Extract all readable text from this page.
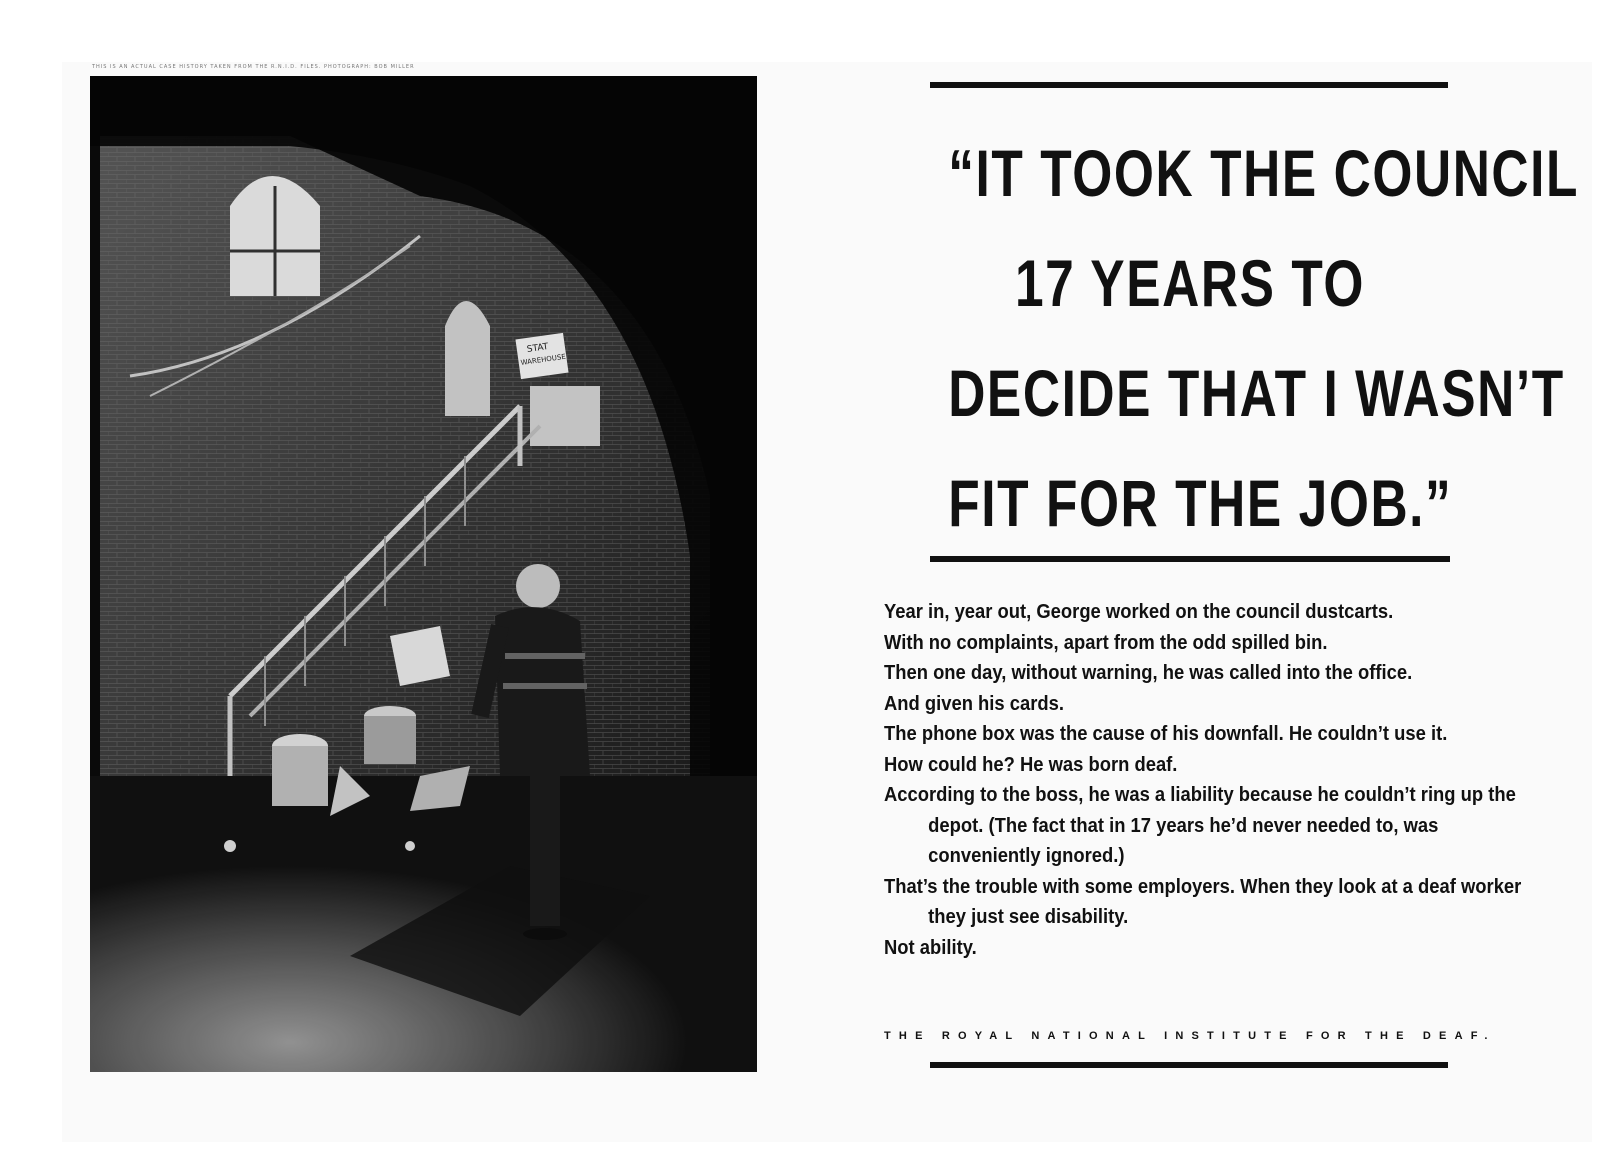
THIS IS AN ACTUAL CASE HISTORY TAKEN FROM THE R.N.I.D. FILES. PHOTOGRAPH: BOB MILLER
STAT
WAREHOUSE
“IT TOOK THE COUNCIL
17 YEARS TO
DECIDE THAT I WASN’T
FIT FOR THE JOB.”
Year in, year out, George worked on the council dustcarts.
With no complaints, apart from the odd spilled bin.
Then one day, without warning, he was called into the office.
And given his cards.
The phone box was the cause of his downfall. He couldn’t use it.
How could he? He was born deaf.
According to the boss, he was a liability because he couldn’t ring up the depot. (The fact that in 17 years he’d never needed to, was conveniently ignored.)
That’s the trouble with some employers. When they look at a deaf worker they just see disability.
Not ability.
THE ROYAL NATIONAL INSTITUTE FOR THE DEAF.
